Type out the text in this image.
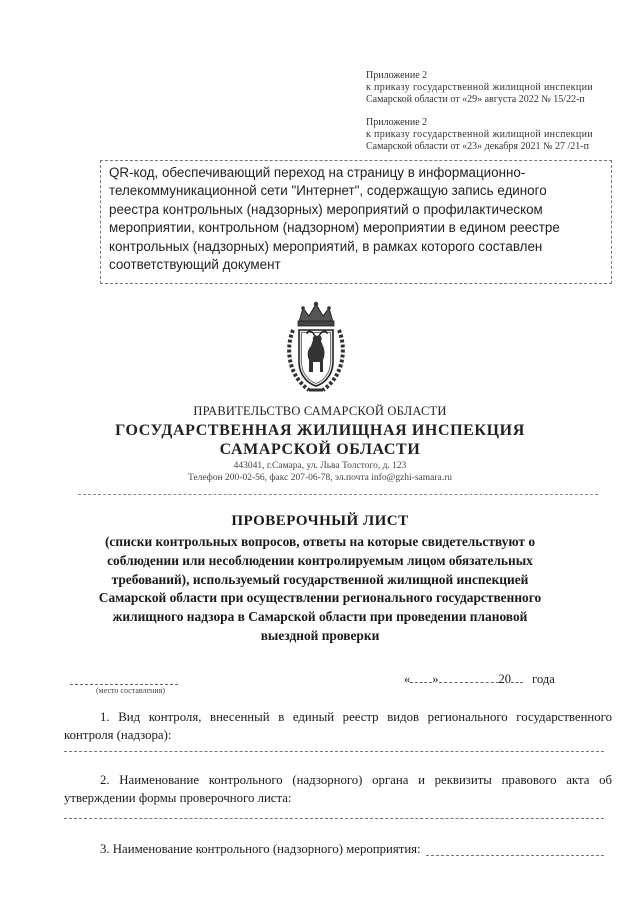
Приложение 2
к приказу государственной жилищной инспекции
Самарской области от «29» августа 2022 № 15/22-п
Приложение 2
к приказу государственной жилищной инспекции
Самарской области от «23» декабря 2021 № 27 /21-п
QR-код, обеспечивающий переход на страницу в информационно-
телекоммуникационной сети "Интернет", содержащую запись единого
реестра контрольных (надзорных) мероприятий о профилактическом
мероприятии, контрольном (надзорном) мероприятии в едином реестре
контрольных (надзорных) мероприятий, в рамках которого составлен
соответствующий документ
ПРАВИТЕЛЬСТВО САМАРСКОЙ ОБЛАСТИ
ГОСУДАРСТВЕННАЯ ЖИЛИЩНАЯ ИНСПЕКЦИЯ
САМАРСКОЙ ОБЛАСТИ
443041, г.Самара, ул. Льва Толстого, д. 123
Телефон 200-02-56, факс 207-06-78, эл.почта info@gzhi-samara.ru
ПРОВЕРОЧНЫЙ ЛИСТ
(списки контрольных вопросов, ответы на которые свидетельствуют о
соблюдении или несоблюдении контролируемым лицом обязательных
требований), используемый государственной жилищной инспекцией
Самарской области при осуществлении регионального государственного
жилищного надзора в Самарской области при проведении плановой
выездной проверки
(место составления)
« »	20 года
1. Вид контроля, внесенный в единый реестр видов регионального государственного
контроля (надзора):
2. Наименование контрольного (надзорного) органа и реквизиты правового акта об
утверждении формы проверочного листа:
3. Наименование контрольного (надзорного) мероприятия:
